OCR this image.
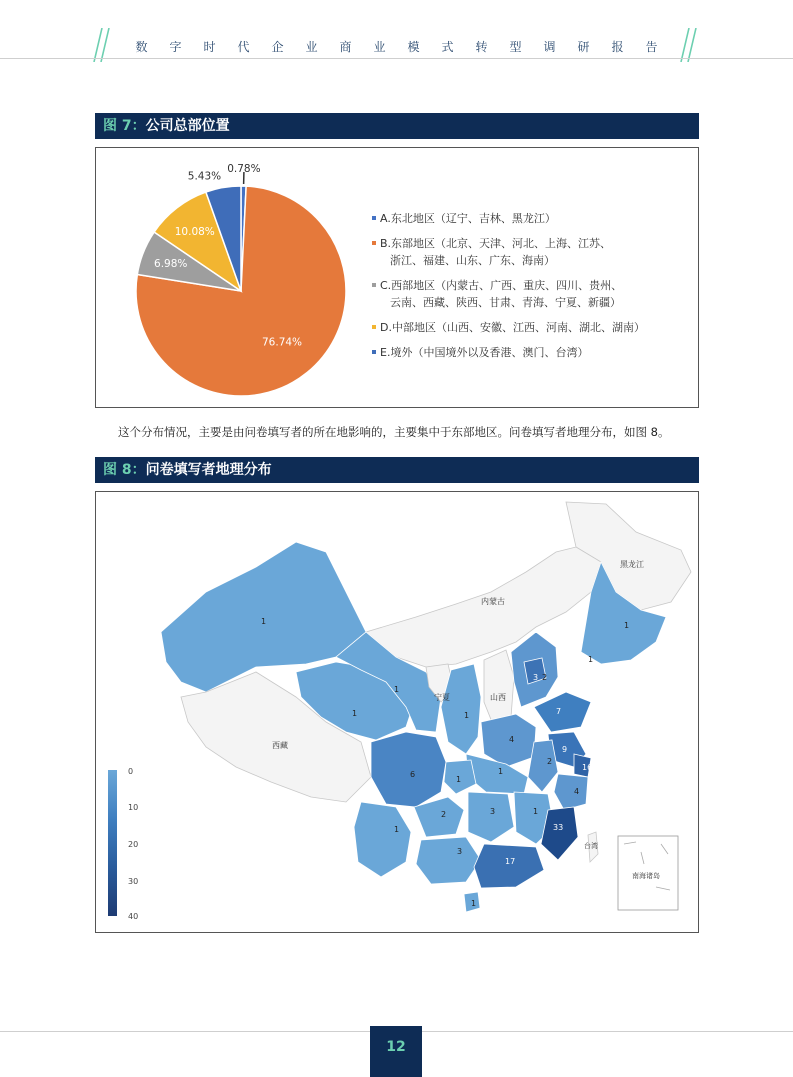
数字时代企业商业模式转型调研报告
图 7：公司总部位置
0.78%
76.74%
6.98%
10.08%
5.43%
A.东北地区（辽宁、吉林、黑龙江）
B.东部地区（北京、天津、河北、上海、江苏、
浙江、福建、山东、广东、海南）
C.西部地区（内蒙古、广西、重庆、四川、贵州、
云南、西藏、陕西、甘肃、青海、宁夏、新疆）
D.中部地区（山西、安徽、江西、河南、湖北、湖南）
E.境外（中国境外以及香港、澳门、台湾）
这个分布情况，主要是由问卷填写者的所在地影响的，主要集中于东部地区。问卷填写者地理分布，如图 8。
图 8：问卷填写者地理分布
黑龙江
内蒙古
宁夏	山西
西藏
台湾
南海诸岛
1	1
1
1
1
3 2
7
9
4
1
6
1
2
16
1
2	3
4
1
1
33
3
17
1
0
10
20
30
40
12
